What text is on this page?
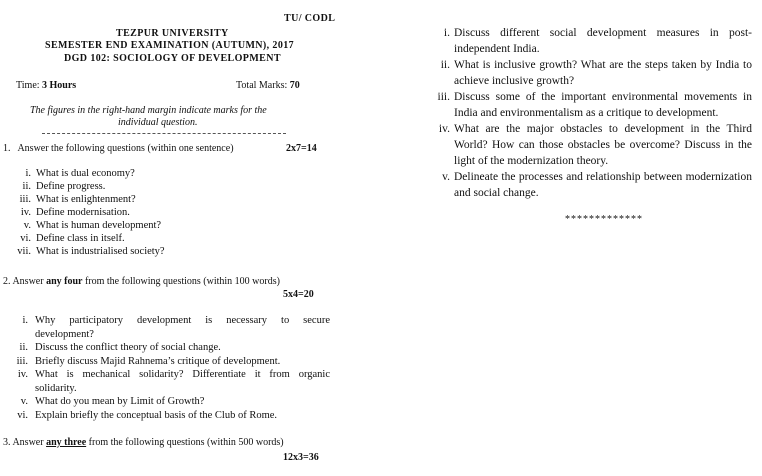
TU/ CODL
TEZPUR UNIVERSITY
SEMESTER END EXAMINATION (AUTUMN), 2017
DGD 102: SOCIOLOGY OF DEVELOPMENT
Time: 3 Hours	Total Marks: 70
The figures in the right-hand margin indicate marks for the
individual question.
1. Answer the following questions (within one sentence)	2x7=14
i. What is dual economy?
ii. Define progress.
iii. What is enlightenment?
iv. Define modernisation.
v. What is human development?
vi. Define class in itself.
vii. What is industrialised society?
2. Answer any four from the following questions (within 100 words)
5x4=20
i. Why participatory development is necessary to secure
development?
ii. Discuss the conflict theory of social change.
iii. Briefly discuss Majid Rahnema’s critique of development.
iv. What is mechanical solidarity? Differentiate it from organic
solidarity.
v. What do you mean by Limit of Growth?
vi. Explain briefly the conceptual basis of the Club of Rome.
3. Answer any three from the following questions (within 500 words)
12x3=36
i. Discuss different social development measures in post-independent India.
ii. What is inclusive growth? What are the steps taken by India to achieve inclusive growth?
iii. Discuss some of the important environmental movements in India and environmentalism as a critique to development.
iv. What are the major obstacles to development in the Third World? How can those obstacles be overcome? Discuss in the light of the modernization theory.
v. Delineate the processes and relationship between modernization and social change.
*************
